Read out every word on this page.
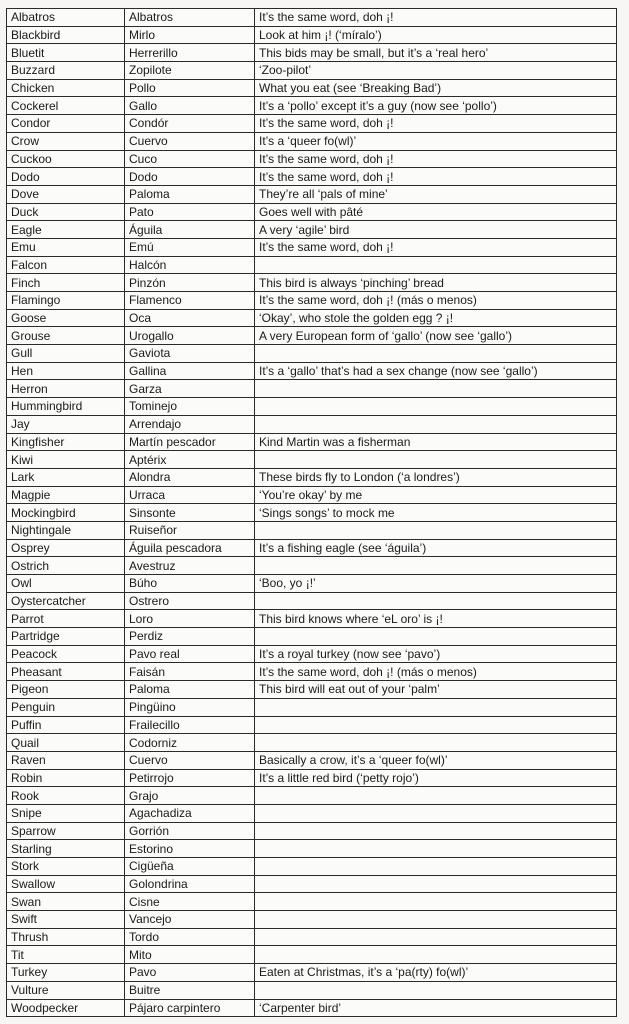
Albatros	Albatros	It’s the same word, doh ¡!
Blackbird	Mirlo	Look at him ¡! (‘míralo’)
Bluetit	Herrerillo	This bids may be small, but it’s a ‘real hero’
Buzzard	Zopilote	‘Zoo-pilot’
Chicken	Pollo	What you eat (see ‘Breaking Bad’)
Cockerel	Gallo	It’s a ‘pollo’ except it’s a guy (now see ‘pollo’)
Condor	Condór	It’s the same word, doh ¡!
Crow	Cuervo	It’s a ‘queer fo(wl)’
Cuckoo	Cuco	It’s the same word, doh ¡!
Dodo	Dodo	It’s the same word, doh ¡!
Dove	Paloma	They’re all ‘pals of mine’
Duck	Pato	Goes well with pâté
Eagle	Águila	A very ‘agile’ bird
Emu	Emú	It’s the same word, doh ¡!
Falcon	Halcón	
Finch	Pinzón	This bird is always ‘pinching’ bread
Flamingo	Flamenco	It’s the same word, doh ¡! (más o menos)
Goose	Oca	‘Okay’, who stole the golden egg ? ¡!
Grouse	Urogallo	A very European form of ‘gallo’ (now see ‘gallo’)
Gull	Gaviota	
Hen	Gallina	It’s a ‘gallo’ that’s had a sex change (now see ‘gallo’)
Herron	Garza	
Hummingbird	Tominejo	
Jay	Arrendajo	
Kingfisher	Martín pescador	Kind Martin was a fisherman
Kiwi	Aptérix	
Lark	Alondra	These birds fly to London (‘a londres’)
Magpie	Urraca	‘You’re okay’ by me
Mockingbird	Sinsonte	‘Sings songs’ to mock me
Nightingale	Ruiseñor	
Osprey	Águila pescadora	It’s a fishing eagle (see ‘águila’)
Ostrich	Avestruz	
Owl	Búho	‘Boo, yo ¡!’
Oystercatcher	Ostrero	
Parrot	Loro	This bird knows where ‘eL oro’ is ¡!
Partridge	Perdiz	
Peacock	Pavo real	It’s a royal turkey (now see ‘pavo’)
Pheasant	Faisán	It’s the same word, doh ¡! (más o menos)
Pigeon	Paloma	This bird will eat out of your ‘palm’
Penguin	Pingüino	
Puffin	Frailecillo	
Quail	Codorniz	
Raven	Cuervo	Basically a crow, it’s a ‘queer fo(wl)’
Robin	Petirrojo	It’s a little red bird (‘petty rojo’)
Rook	Grajo	
Snipe	Agachadiza	
Sparrow	Gorrión	
Starling	Estorino	
Stork	Cigüeña	
Swallow	Golondrina	
Swan	Cisne	
Swift	Vancejo	
Thrush	Tordo	
Tit	Mito	
Turkey	Pavo	Eaten at Christmas, it’s a ‘pa(rty) fo(wl)’
Vulture	Buitre	
Woodpecker	Pájaro carpintero	‘Carpenter bird’
